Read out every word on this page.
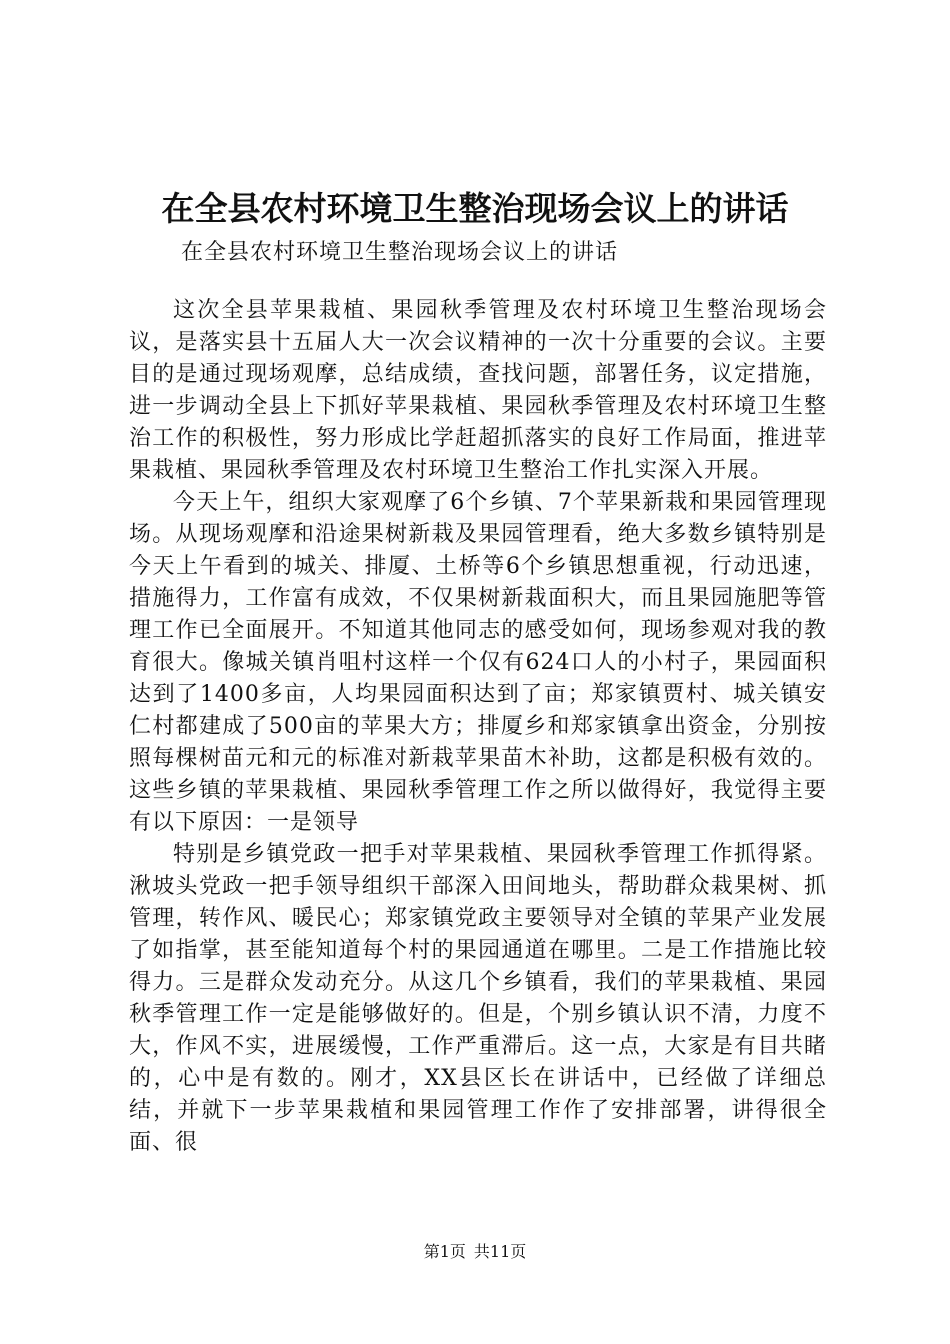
在全县农村环境卫生整治现场会议上的讲话
在全县农村环境卫生整治现场会议上的讲话

这次全县苹果栽植、果园秋季管理及农村环境卫生整治现场会议，是落实县十五届人大一次会议精神的一次十分重要的会议。主要目的是通过现场观摩，总结成绩，查找问题，部署任务，议定措施，进一步调动全县上下抓好苹果栽植、果园秋季管理及农村环境卫生整治工作的积极性，努力形成比学赶超抓落实的良好工作局面，推进苹果栽植、果园秋季管理及农村环境卫生整治工作扎实深入开展。

今天上午，组织大家观摩了6个乡镇、7个苹果新栽和果园管理现场。从现场观摩和沿途果树新栽及果园管理看，绝大多数乡镇特别是今天上午看到的城关、排厦、土桥等6个乡镇思想重视，行动迅速，措施得力，工作富有成效，不仅果树新栽面积大，而且果园施肥等管理工作已全面展开。不知道其他同志的感受如何，现场参观对我的教育很大。像城关镇肖咀村这样一个仅有624口人的小村子，果园面积达到了1400多亩，人均果园面积达到了亩；郑家镇贾村、城关镇安仁村都建成了500亩的苹果大方；排厦乡和郑家镇拿出资金，分别按照每棵树苗元和元的标准对新栽苹果苗木补助，这都是积极有效的。这些乡镇的苹果栽植、果园秋季管理工作之所以做得好，我觉得主要有以下原因：一是领导

特别是乡镇党政一把手对苹果栽植、果园秋季管理工作抓得紧。湫坡头党政一把手领导组织干部深入田间地头，帮助群众栽果树、抓管理，转作风、暖民心；郑家镇党政主要领导对全镇的苹果产业发展了如指掌，甚至能知道每个村的果园通道在哪里。二是工作措施比较得力。三是群众发动充分。从这几个乡镇看，我们的苹果栽植、果园秋季管理工作一定是能够做好的。但是，个别乡镇认识不清，力度不大，作风不实，进展缓慢，工作严重滞后。这一点，大家是有目共睹的，心中是有数的。刚才，XX县区长在讲话中，已经做了详细总结，并就下一步苹果栽植和果园管理工作作了安排部署，讲得很全面、很

第1页 共11页
